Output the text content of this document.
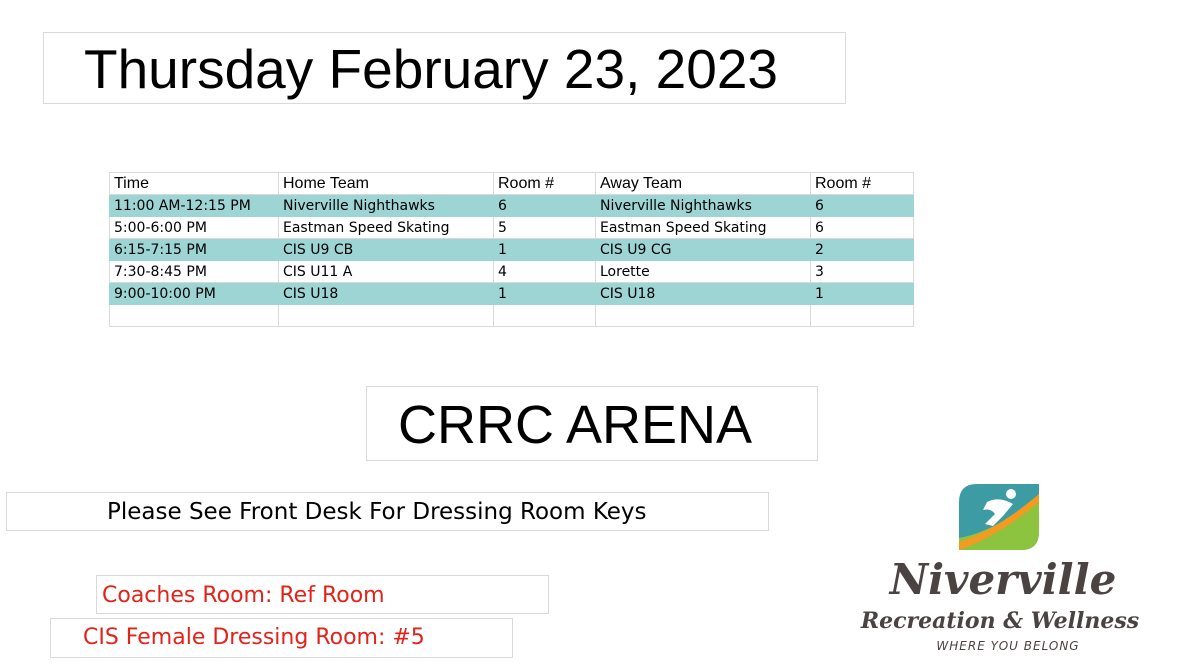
Thursday February 23, 2023
Time	Home Team	Room #	Away Team	Room #
11:00 AM-12:15 PM	Niverville Nighthawks	6	Niverville Nighthawks	6
5:00-6:00 PM	Eastman Speed Skating	5	Eastman Speed Skating	6
6:15-7:15 PM	CIS U9 CB	1	CIS U9 CG	2
7:30-8:45 PM	CIS U11 A	4	Lorette	3
9:00-10:00 PM	CIS U18	1	CIS U18	1

CRRC ARENA
Please See Front Desk For Dressing Room Keys
Coaches Room: Ref Room
CIS Female Dressing Room: #5
Niverville
Recreation & Wellness
WHERE YOU BELONG
